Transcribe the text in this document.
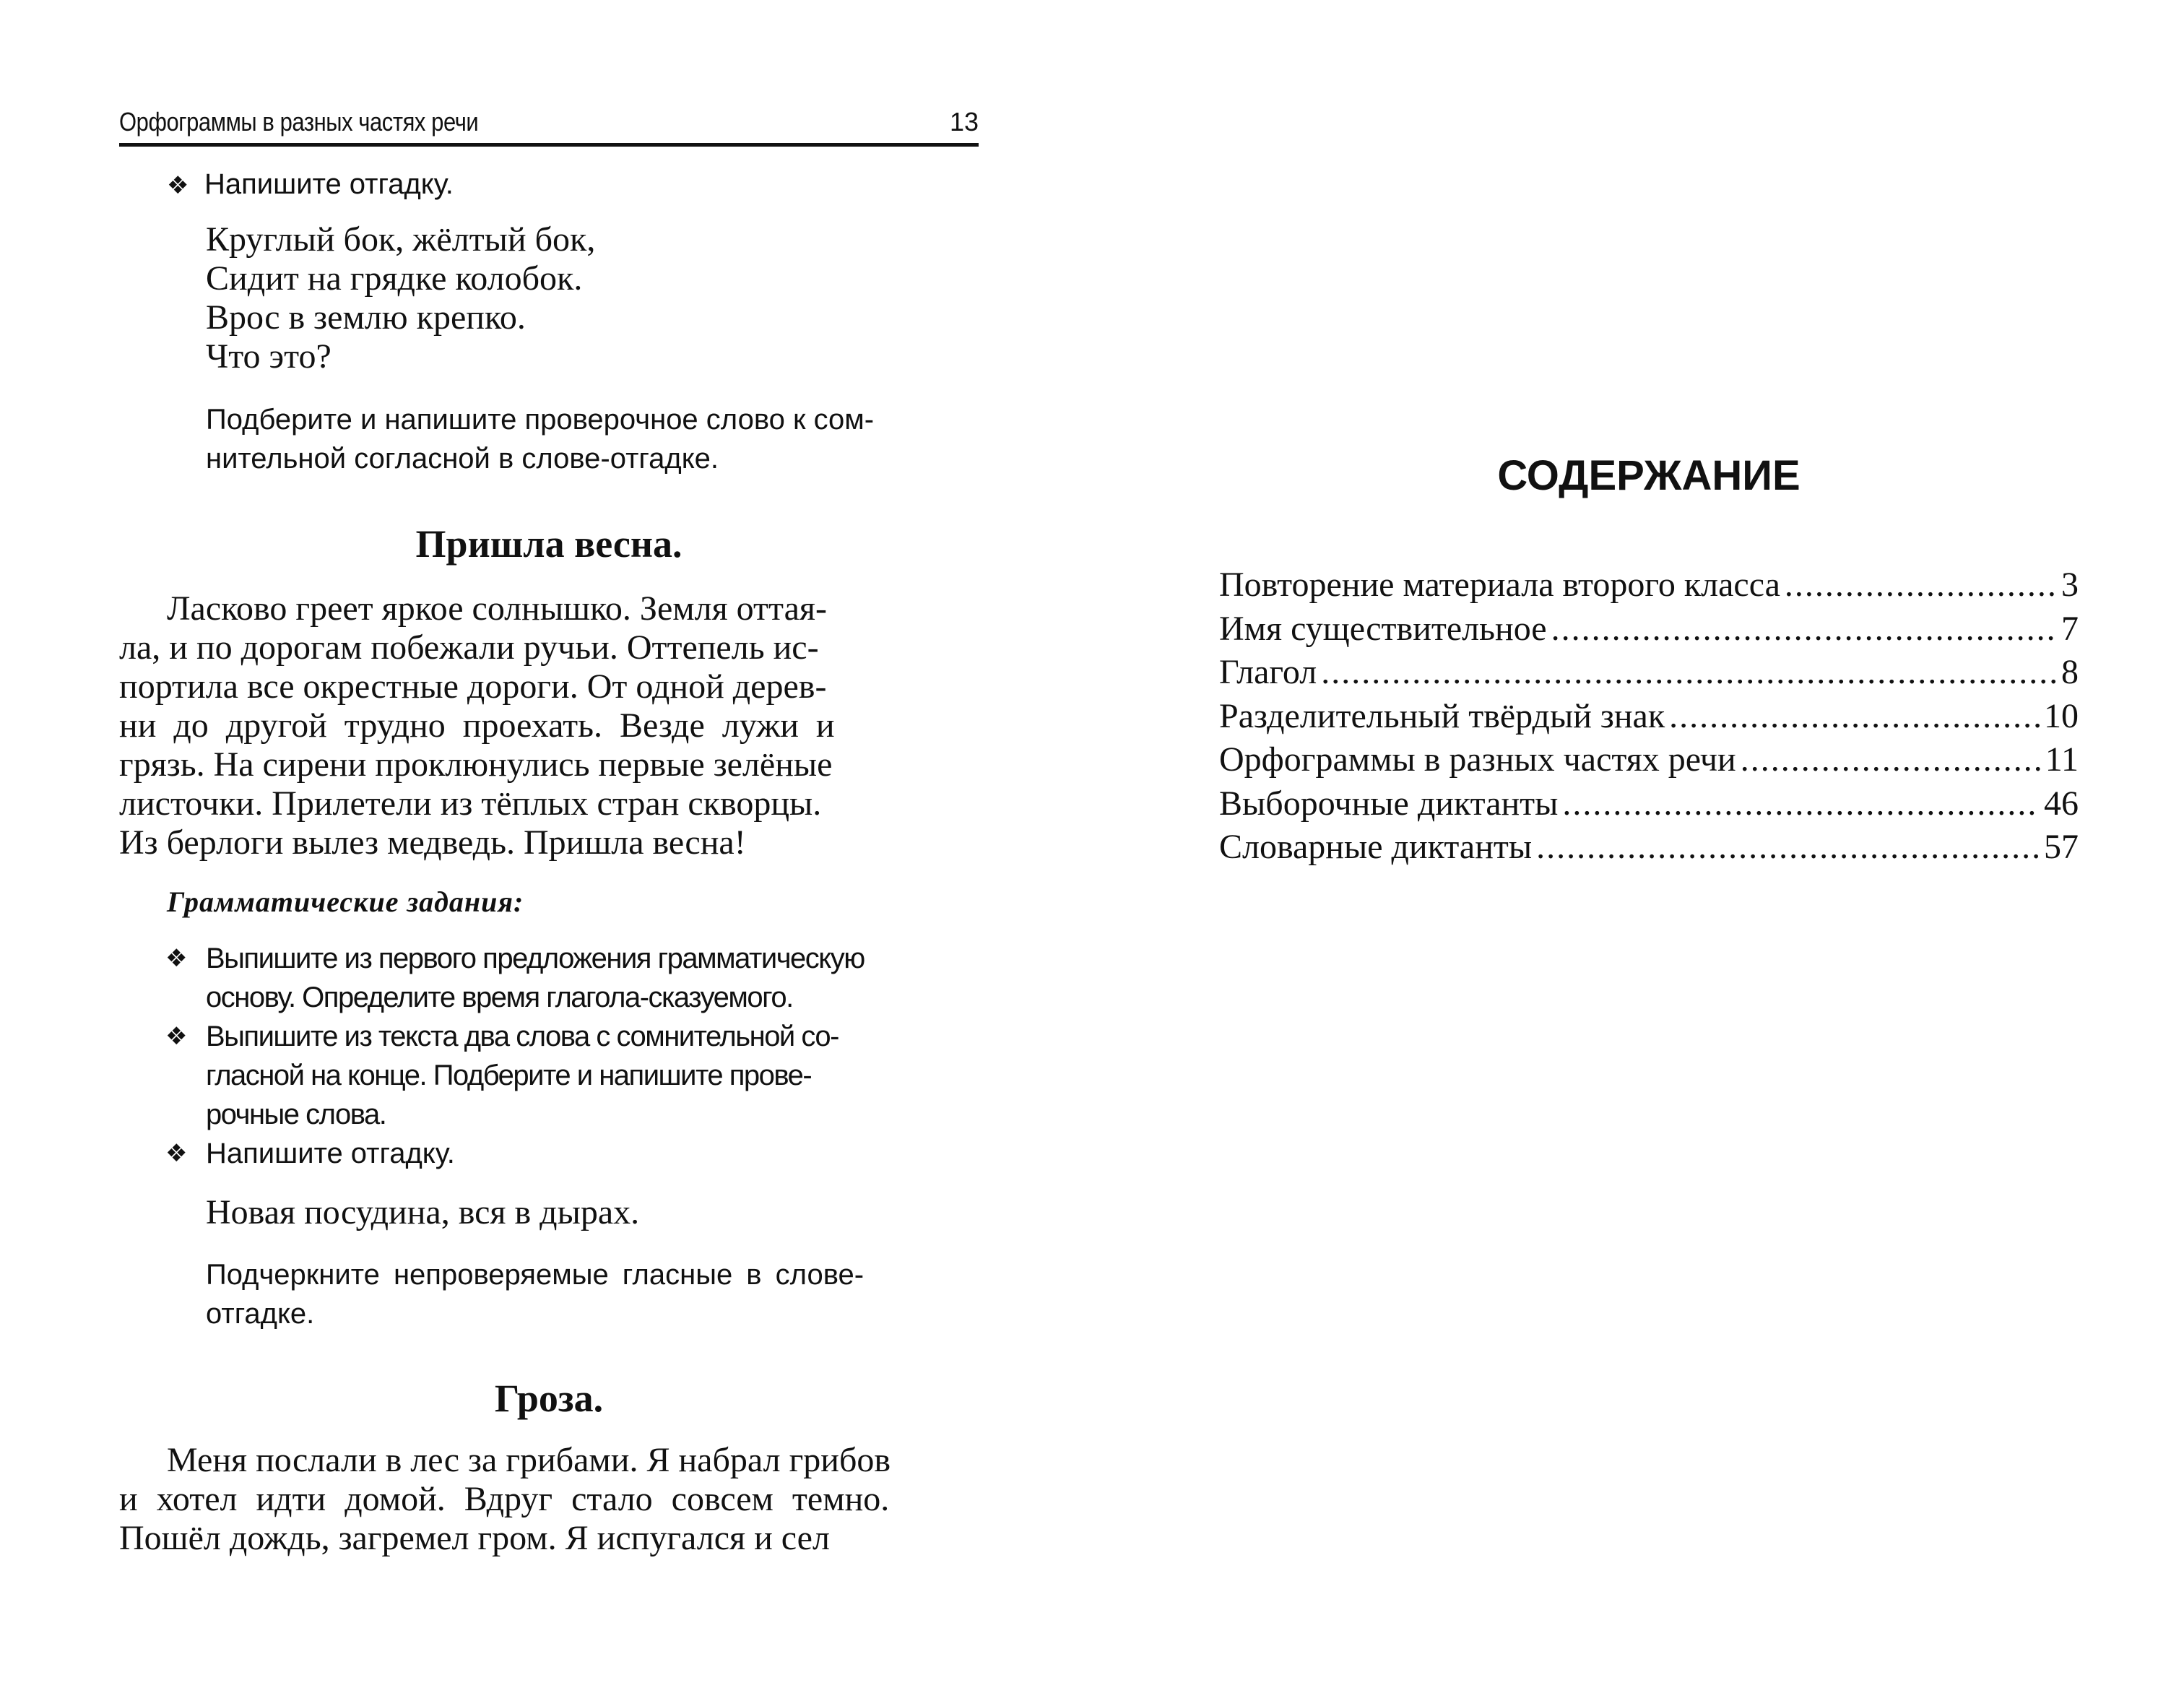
Орфограммы в разных частях речи	13
❖ Напишите отгадку.
Круглый бок, жёлтый бок,
Сидит на грядке колобок.
Врос в землю крепко.
Что это?
Подберите и напишите проверочное слово к сом-
нительной согласной в слове-отгадке.
Пришла весна.
Ласково греет яркое солнышко. Земля оттая-
ла, и по дорогам побежали ручьи. Оттепель ис-
портила все окрестные дороги. От одной дерев-
ни до другой трудно проехать. Везде лужи и
грязь. На сирени проклюнулись первые зелёные
листочки. Прилетели из тёплых стран скворцы.
Из берлоги вылез медведь. Пришла весна!
Грамматические задания:
❖ Выпишите из первого предложения грамматическую
основу. Определите время глагола-сказуемого.
❖ Выпишите из текста два слова с сомнительной со-
гласной на конце. Подберите и напишите прове-
рочные слова.
❖ Напишите отгадку.
Новая посудина, вся в дырах.
Подчеркните непроверяемые гласные в слове-
отгадке.
Гроза.
Меня послали в лес за грибами. Я набрал грибов
и хотел идти домой. Вдруг стало совсем темно.
Пошёл дождь, загремел гром. Я испугался и сел
СОДЕРЖАНИЕ
Повторение материала второго класса .....	3
Имя существительное .....	7
Глагол .....	8
Разделительный твёрдый знак .....	10
Орфограммы в разных частях речи .....	11
Выборочные диктанты .....	46
Словарные диктанты .....	57
